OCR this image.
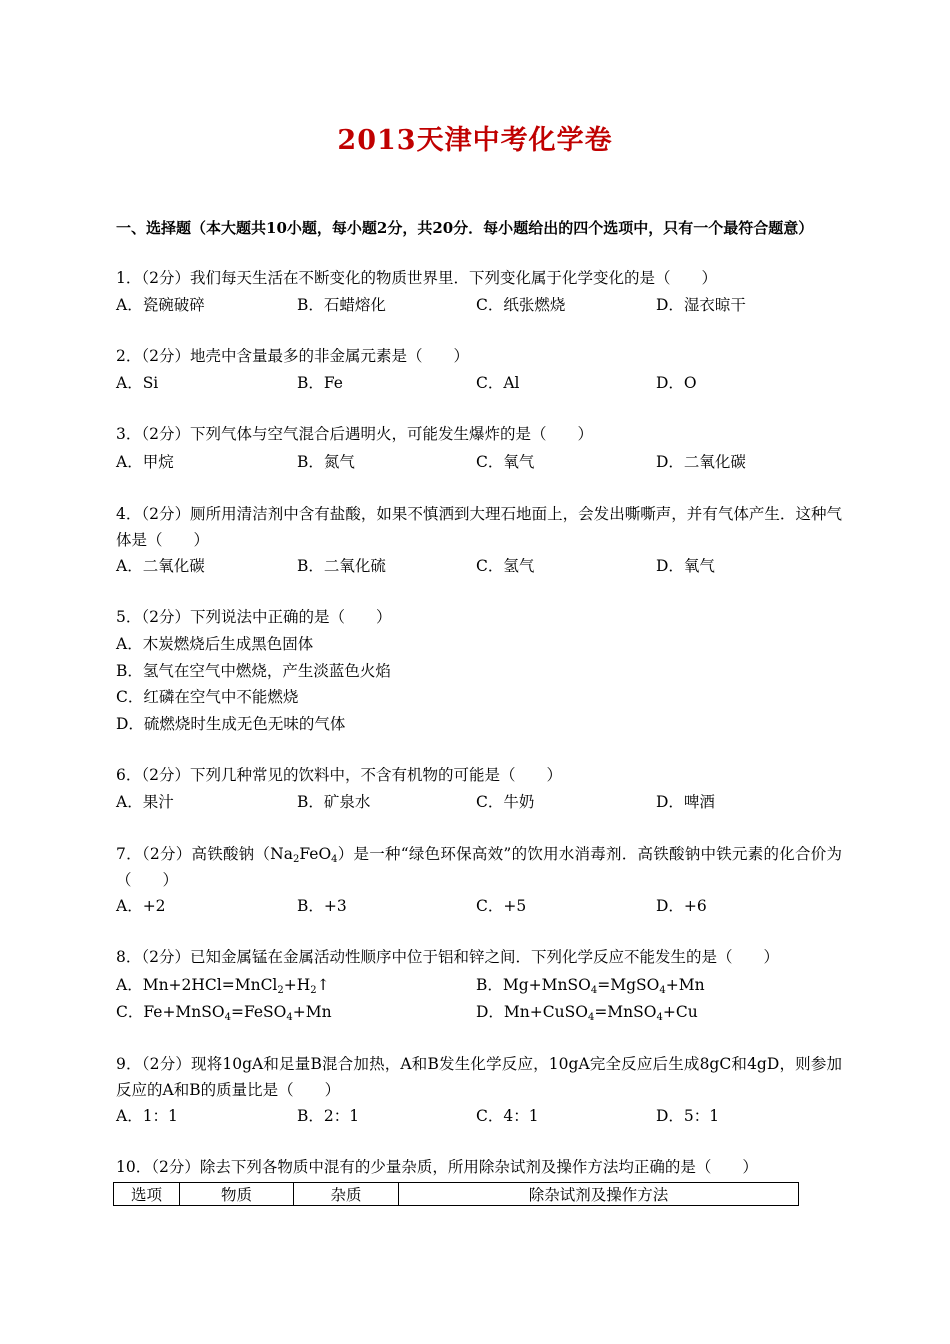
2013天津中考化学卷
一、选择题（本大题共10小题，每小题2分，共20分．每小题给出的四个选项中，只有一个最符合题意）
1．（2分）我们每天生活在不断变化的物质世界里．下列变化属于化学变化的是（　　）
A．瓷碗破碎	B．石蜡熔化	C．纸张燃烧	D．湿衣晾干
2．（2分）地壳中含量最多的非金属元素是（　　）
A．Si	B．Fe	C．Al	D．O
3．（2分）下列气体与空气混合后遇明火，可能发生爆炸的是（　　）
A．甲烷	B．氮气	C．氧气	D．二氧化碳
4．（2分）厕所用清洁剂中含有盐酸，如果不慎洒到大理石地面上，会发出嘶嘶声，并有气体产生．这种气体是（　　）
A．二氧化碳	B．二氧化硫	C．氢气	D．氧气
5．（2分）下列说法中正确的是（　　）
A．木炭燃烧后生成黑色固体
B．氢气在空气中燃烧，产生淡蓝色火焰
C．红磷在空气中不能燃烧
D．硫燃烧时生成无色无味的气体
6．（2分）下列几种常见的饮料中，不含有机物的可能是（　　）
A．果汁	B．矿泉水	C．牛奶	D．啤酒
7．（2分）高铁酸钠$(Na_2FeO_4)$是一种“绿色环保高效”的饮用水消毒剂．高铁酸钠中铁元素的化合价为（　　）
A．+2	B．+3	C．+5	D．+6
8．（2分）已知金属锰在金属活动性顺序中位于铝和锌之间．下列化学反应不能发生的是（　　）
A．$Mn+2HCl=MnCl_2+H_2↑$	B．Mg+MnSO$_4$=MgSO$_4$+Mn
C．Fe+MnSO$_4$=FeSO$_4$+Mn	D．Mn+CuSO$_4$=MnSO$_4$+Cu
9．（2分）现将10gA和足量B混合加热，A和B发生化学反应，10gA完全反应后生成8gC和4gD，则参加反应的A和B的质量比是（　　）
A．1：1	B．2：1	C．4：1	D．5：1
10．（2分）除去下列各物质中混有的少量杂质，所用除杂试剂及操作方法均正确的是（　　）
选项	物质	杂质	除杂试剂及操作方法
